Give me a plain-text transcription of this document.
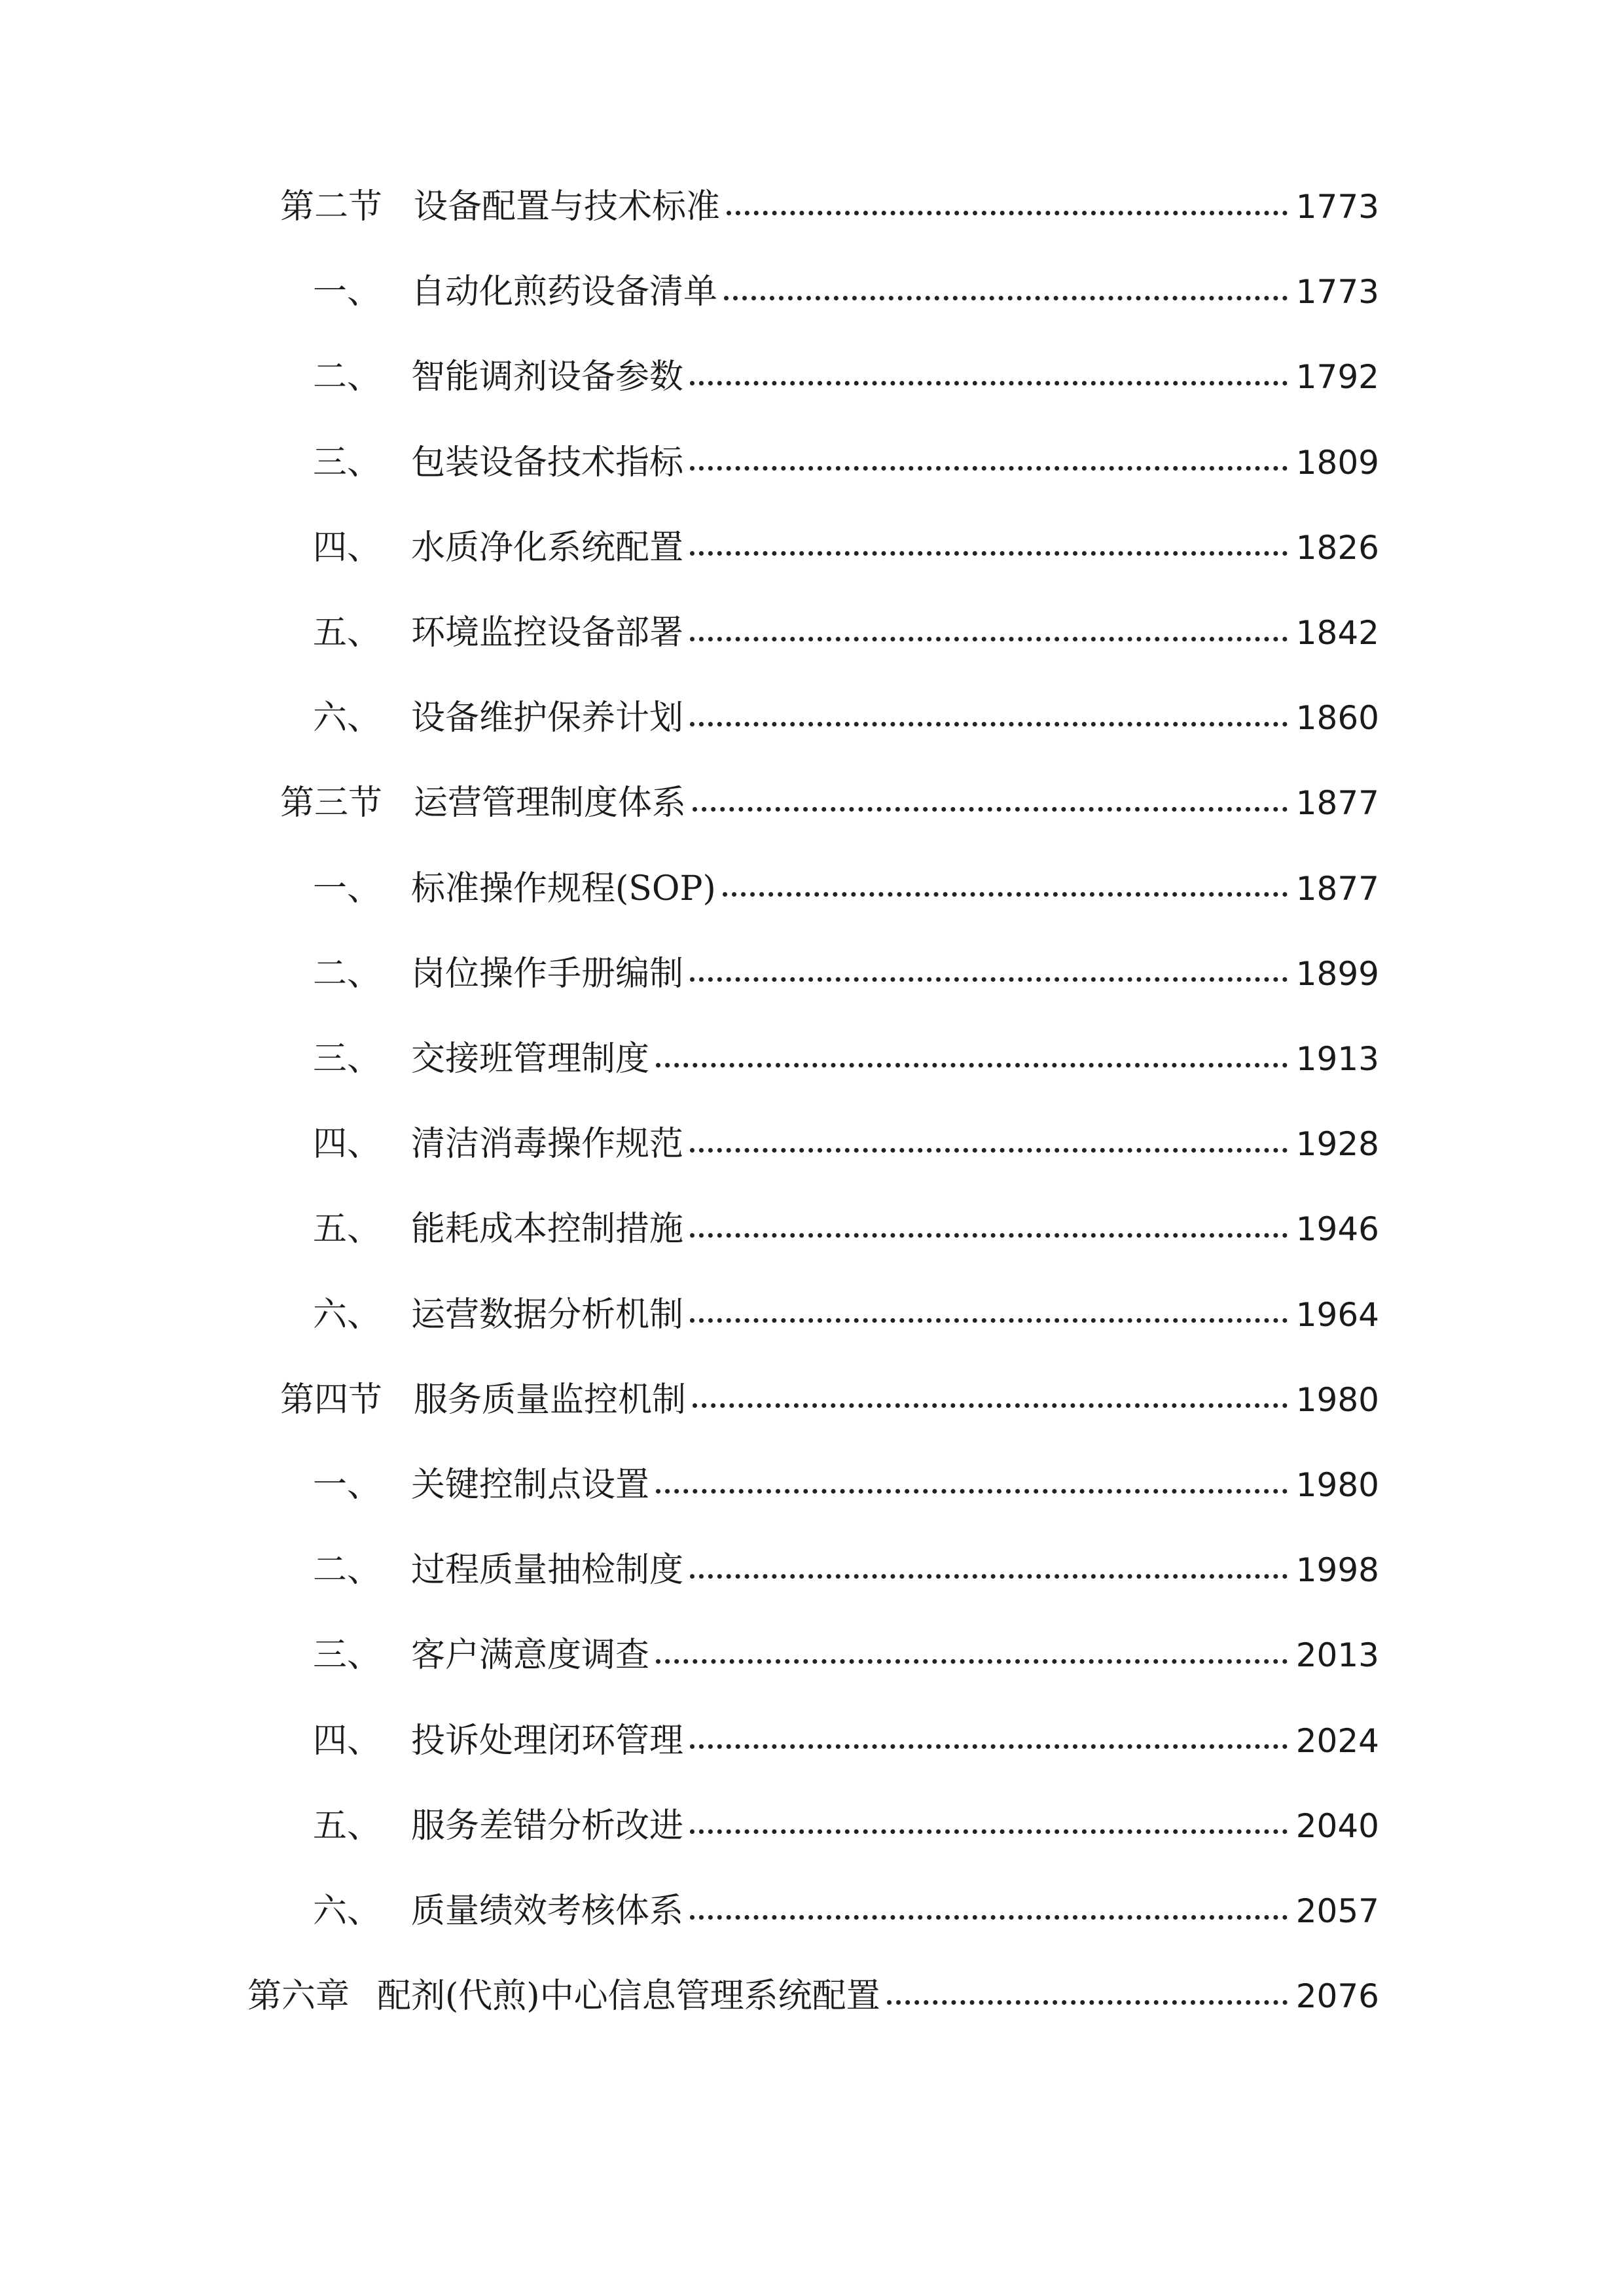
第二节 设备配置与技术标准	1773
一、 自动化煎药设备清单	1773
二、 智能调剂设备参数	1792
三、 包装设备技术指标	1809
四、 水质净化系统配置	1826
五、 环境监控设备部署	1842
六、 设备维护保养计划	1860
第三节 运营管理制度体系	1877
一、 标准操作规程(SOP)	1877
二、 岗位操作手册编制	1899
三、 交接班管理制度	1913
四、 清洁消毒操作规范	1928
五、 能耗成本控制措施	1946
六、 运营数据分析机制	1964
第四节 服务质量监控机制	1980
一、 关键控制点设置	1980
二、 过程质量抽检制度	1998
三、 客户满意度调查	2013
四、 投诉处理闭环管理	2024
五、 服务差错分析改进	2040
六、 质量绩效考核体系	2057
第六章 配剂(代煎)中心信息管理系统配置	2076
